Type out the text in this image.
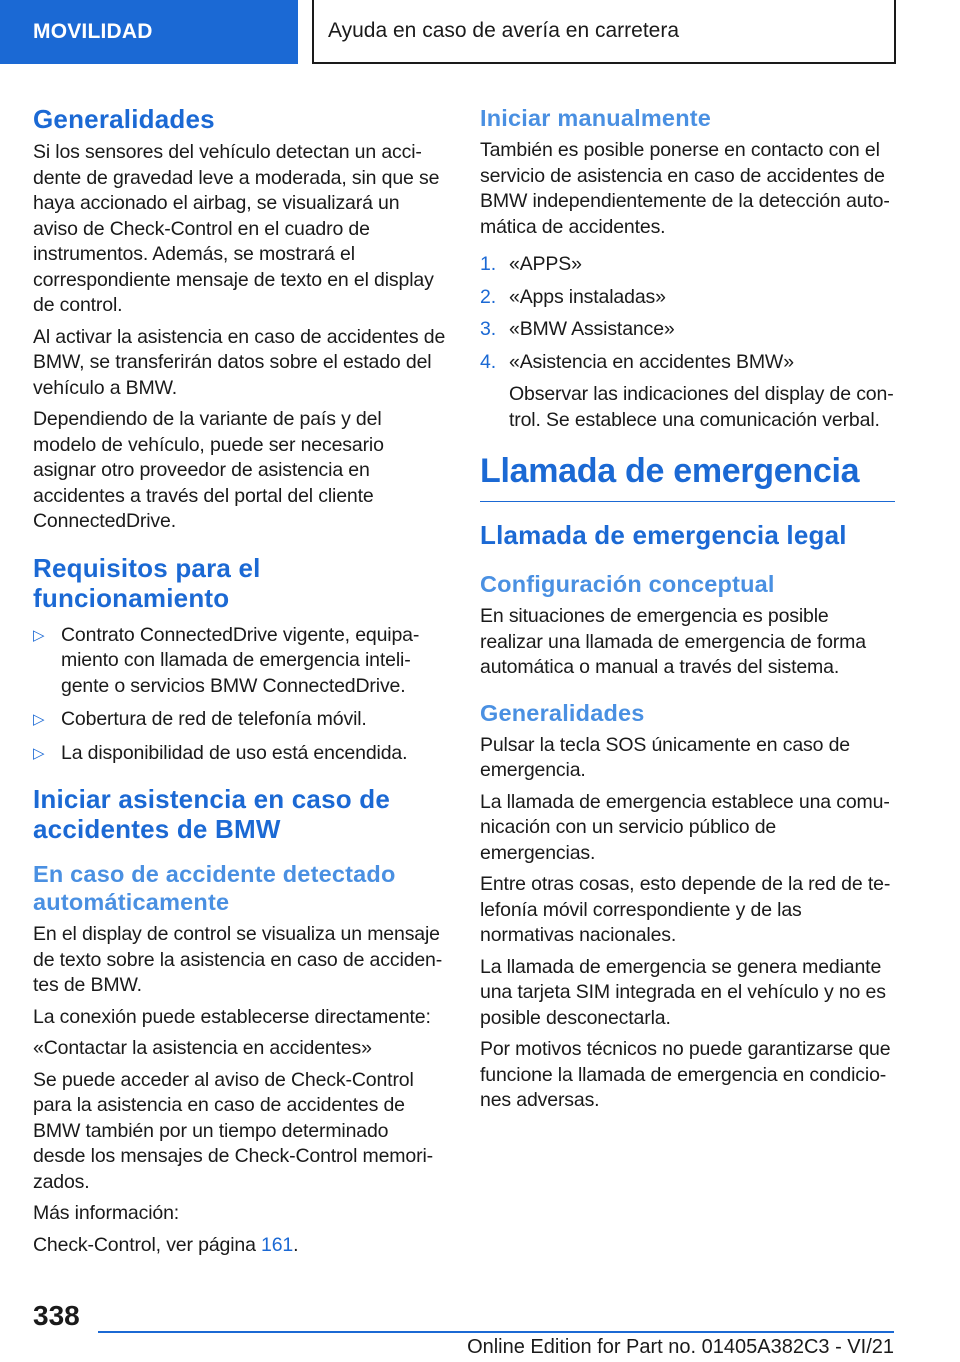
MOVILIDAD	Ayuda en caso de avería en carretera
Generalidades

Si los sensores del vehículo detectan un accidente de gravedad leve a moderada, sin que se haya accionado el airbag, se visualizará un aviso de Check-Control en el cuadro de instrumentos. Además, se mostrará el correspondiente mensaje de texto en el display de control.

Al activar la asistencia en caso de accidentes de BMW, se transferirán datos sobre el estado del vehículo a BMW.

Dependiendo de la variante de país y del modelo de vehículo, puede ser necesario asignar otro proveedor de asistencia en accidentes a través del portal del cliente ConnectedDrive.

Requisitos para el funcionamiento
▷ Contrato ConnectedDrive vigente, equipamiento con llamada de emergencia inteligente o servicios BMW ConnectedDrive.
▷ Cobertura de red de telefonía móvil.
▷ La disponibilidad de uso está encendida.
Iniciar asistencia en caso de accidentes de BMW
En caso de accidente detectado automáticamente

En el display de control se visualiza un mensaje de texto sobre la asistencia en caso de accidentes de BMW.

La conexión puede establecerse directamente:

«Contactar la asistencia en accidentes»

Se puede acceder al aviso de Check-Control para la asistencia en caso de accidentes de BMW también por un tiempo determinado desde los mensajes de Check-Control memorizados.

Más información:

Check-Control, ver página 161.

Iniciar manualmente

También es posible ponerse en contacto con el servicio de asistencia en caso de accidentes de BMW independientemente de la detección automática de accidentes.

1. «APPS»
2. «Apps instaladas»
3. «BMW Assistance»
4. «Asistencia en accidentes BMW»
Observar las indicaciones del display de control. Se establece una comunicación verbal.
Llamada de emergencia
Llamada de emergencia legal
Configuración conceptual

En situaciones de emergencia es posible realizar una llamada de emergencia de forma automática o manual a través del sistema.

Generalidades

Pulsar la tecla SOS únicamente en caso de emergencia.

La llamada de emergencia establece una comunicación con un servicio público de emergencias.

Entre otras cosas, esto depende de la red de telefonía móvil correspondiente y de las normativas nacionales.

La llamada de emergencia se genera mediante una tarjeta SIM integrada en el vehículo y no es posible desconectarla.

Por motivos técnicos no puede garantizarse que funcione la llamada de emergencia en condiciones adversas.

338
Online Edition for Part no. 01405A382C3 - VI/21
